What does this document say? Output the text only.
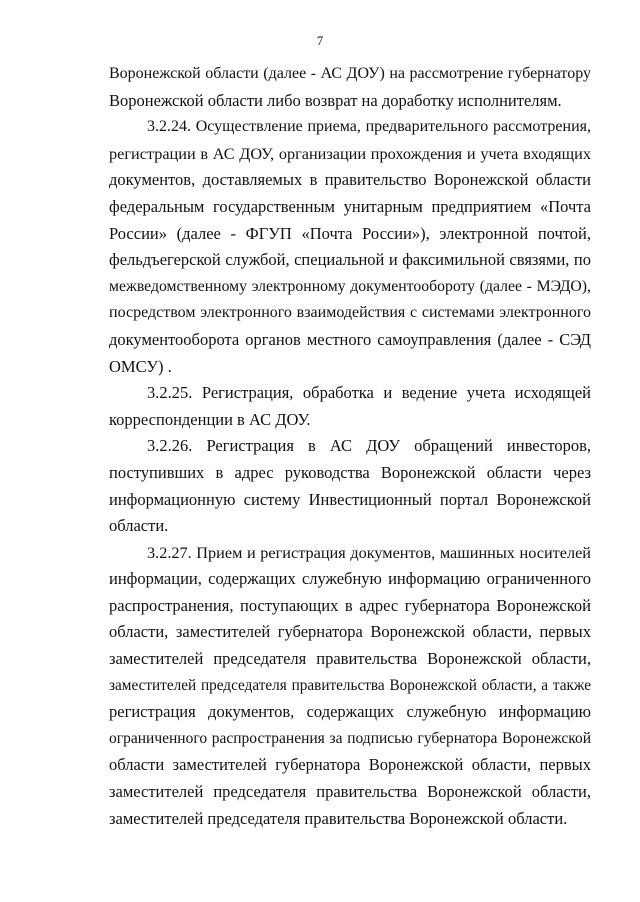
7
Воронежской области (далее - АС ДОУ) на рассмотрение губернатору
Воронежской области либо возврат на доработку исполнителям.
3.2.24. Осуществление приема, предварительного рассмотрения,
регистрации в АС ДОУ, организации прохождения и учета входящих
документов, доставляемых в правительство Воронежской области
федеральным государственным унитарным предприятием «Почта
России» (далее - ФГУП «Почта России»), электронной почтой,
фельдъегерской службой, специальной и факсимильной связями, по
межведомственному электронному документообороту (далее - МЭДО),
посредством электронного взаимодействия с системами электронного
документооборота органов местного самоуправления (далее - СЭД
ОМСУ) .
3.2.25. Регистрация, обработка и ведение учета исходящей
корреспонденции в АС ДОУ.
3.2.26. Регистрация в АС ДОУ обращений инвесторов,
поступивших в адрес руководства Воронежской области через
информационную систему Инвестиционный портал Воронежской
области.
3.2.27. Прием и регистрация документов, машинных носителей
информации, содержащих служебную информацию ограниченного
распространения, поступающих в адрес губернатора Воронежской
области, заместителей губернатора Воронежской области, первых
заместителей председателя правительства Воронежской области,
заместителей председателя правительства Воронежской области, а также
регистрация документов, содержащих служебную информацию
ограниченного распространения за подписью губернатора Воронежской
области заместителей губернатора Воронежской области, первых
заместителей председателя правительства Воронежской области,
заместителей председателя правительства Воронежской области.
